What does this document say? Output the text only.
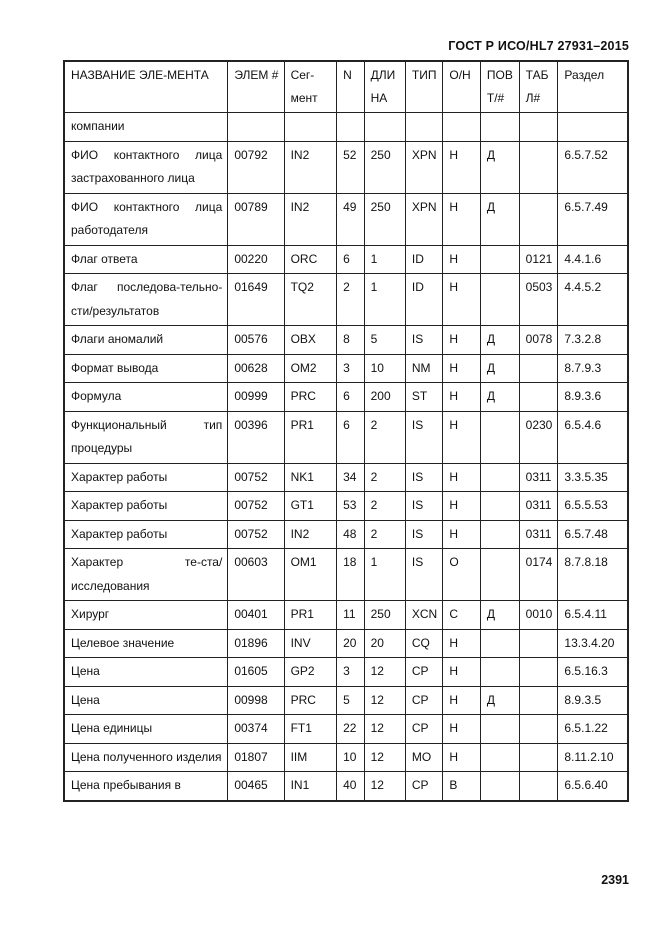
ГОСТ Р ИСО/HL7 27931–2015
НАЗВАНИЕ ЭЛЕ-МЕНТА	ЭЛЕМ #	Сег-мент	N	ДЛИНА	ТИП	О/Н	ПОВ Т/#	ТАБЛ#	Раздел
компании									
ФИО контактного лица застрахованного лица	00792	IN2	52	250	XPN	Н	Д		6.5.7.52
ФИО контактного лица работодателя	00789	IN2	49	250	XPN	Н	Д		6.5.7.49
Флаг ответа	00220	ORC	6	1	ID	Н		0121	4.4.1.6
Флаг последова-тельно-сти/результатов	01649	TQ2	2	1	ID	Н		0503	4.4.5.2
Флаги аномалий	00576	OBX	8	5	IS	Н	Д	0078	7.3.2.8
Формат вывода	00628	OM2	3	10	NM	Н	Д		8.7.9.3
Формула	00999	PRC	6	200	ST	Н	Д		8.9.3.6
Функциональный тип процедуры	00396	PR1	6	2	IS	Н		0230	6.5.4.6
Характер работы	00752	NK1	34	2	IS	Н		0311	3.3.5.35
Характер работы	00752	GT1	53	2	IS	Н		0311	6.5.5.53
Характер работы	00752	IN2	48	2	IS	Н		0311	6.5.7.48
Характер те-ста/исследования	00603	OM1	18	1	IS	О		0174	8.7.8.18
Хирург	00401	PR1	11	250	XCN	С	Д	0010	6.5.4.11
Целевое значение	01896	INV	20	20	CQ	Н			13.3.4.20
Цена	01605	GP2	3	12	CP	Н			6.5.16.3
Цена	00998	PRC	5	12	CP	Н	Д		8.9.3.5
Цена единицы	00374	FT1	22	12	CP	Н			6.5.1.22
Цена полученного изделия	01807	IIM	10	12	MO	Н			8.11.2.10
Цена пребывания в	00465	IN1	40	12	CP	В			6.5.6.40
2391
